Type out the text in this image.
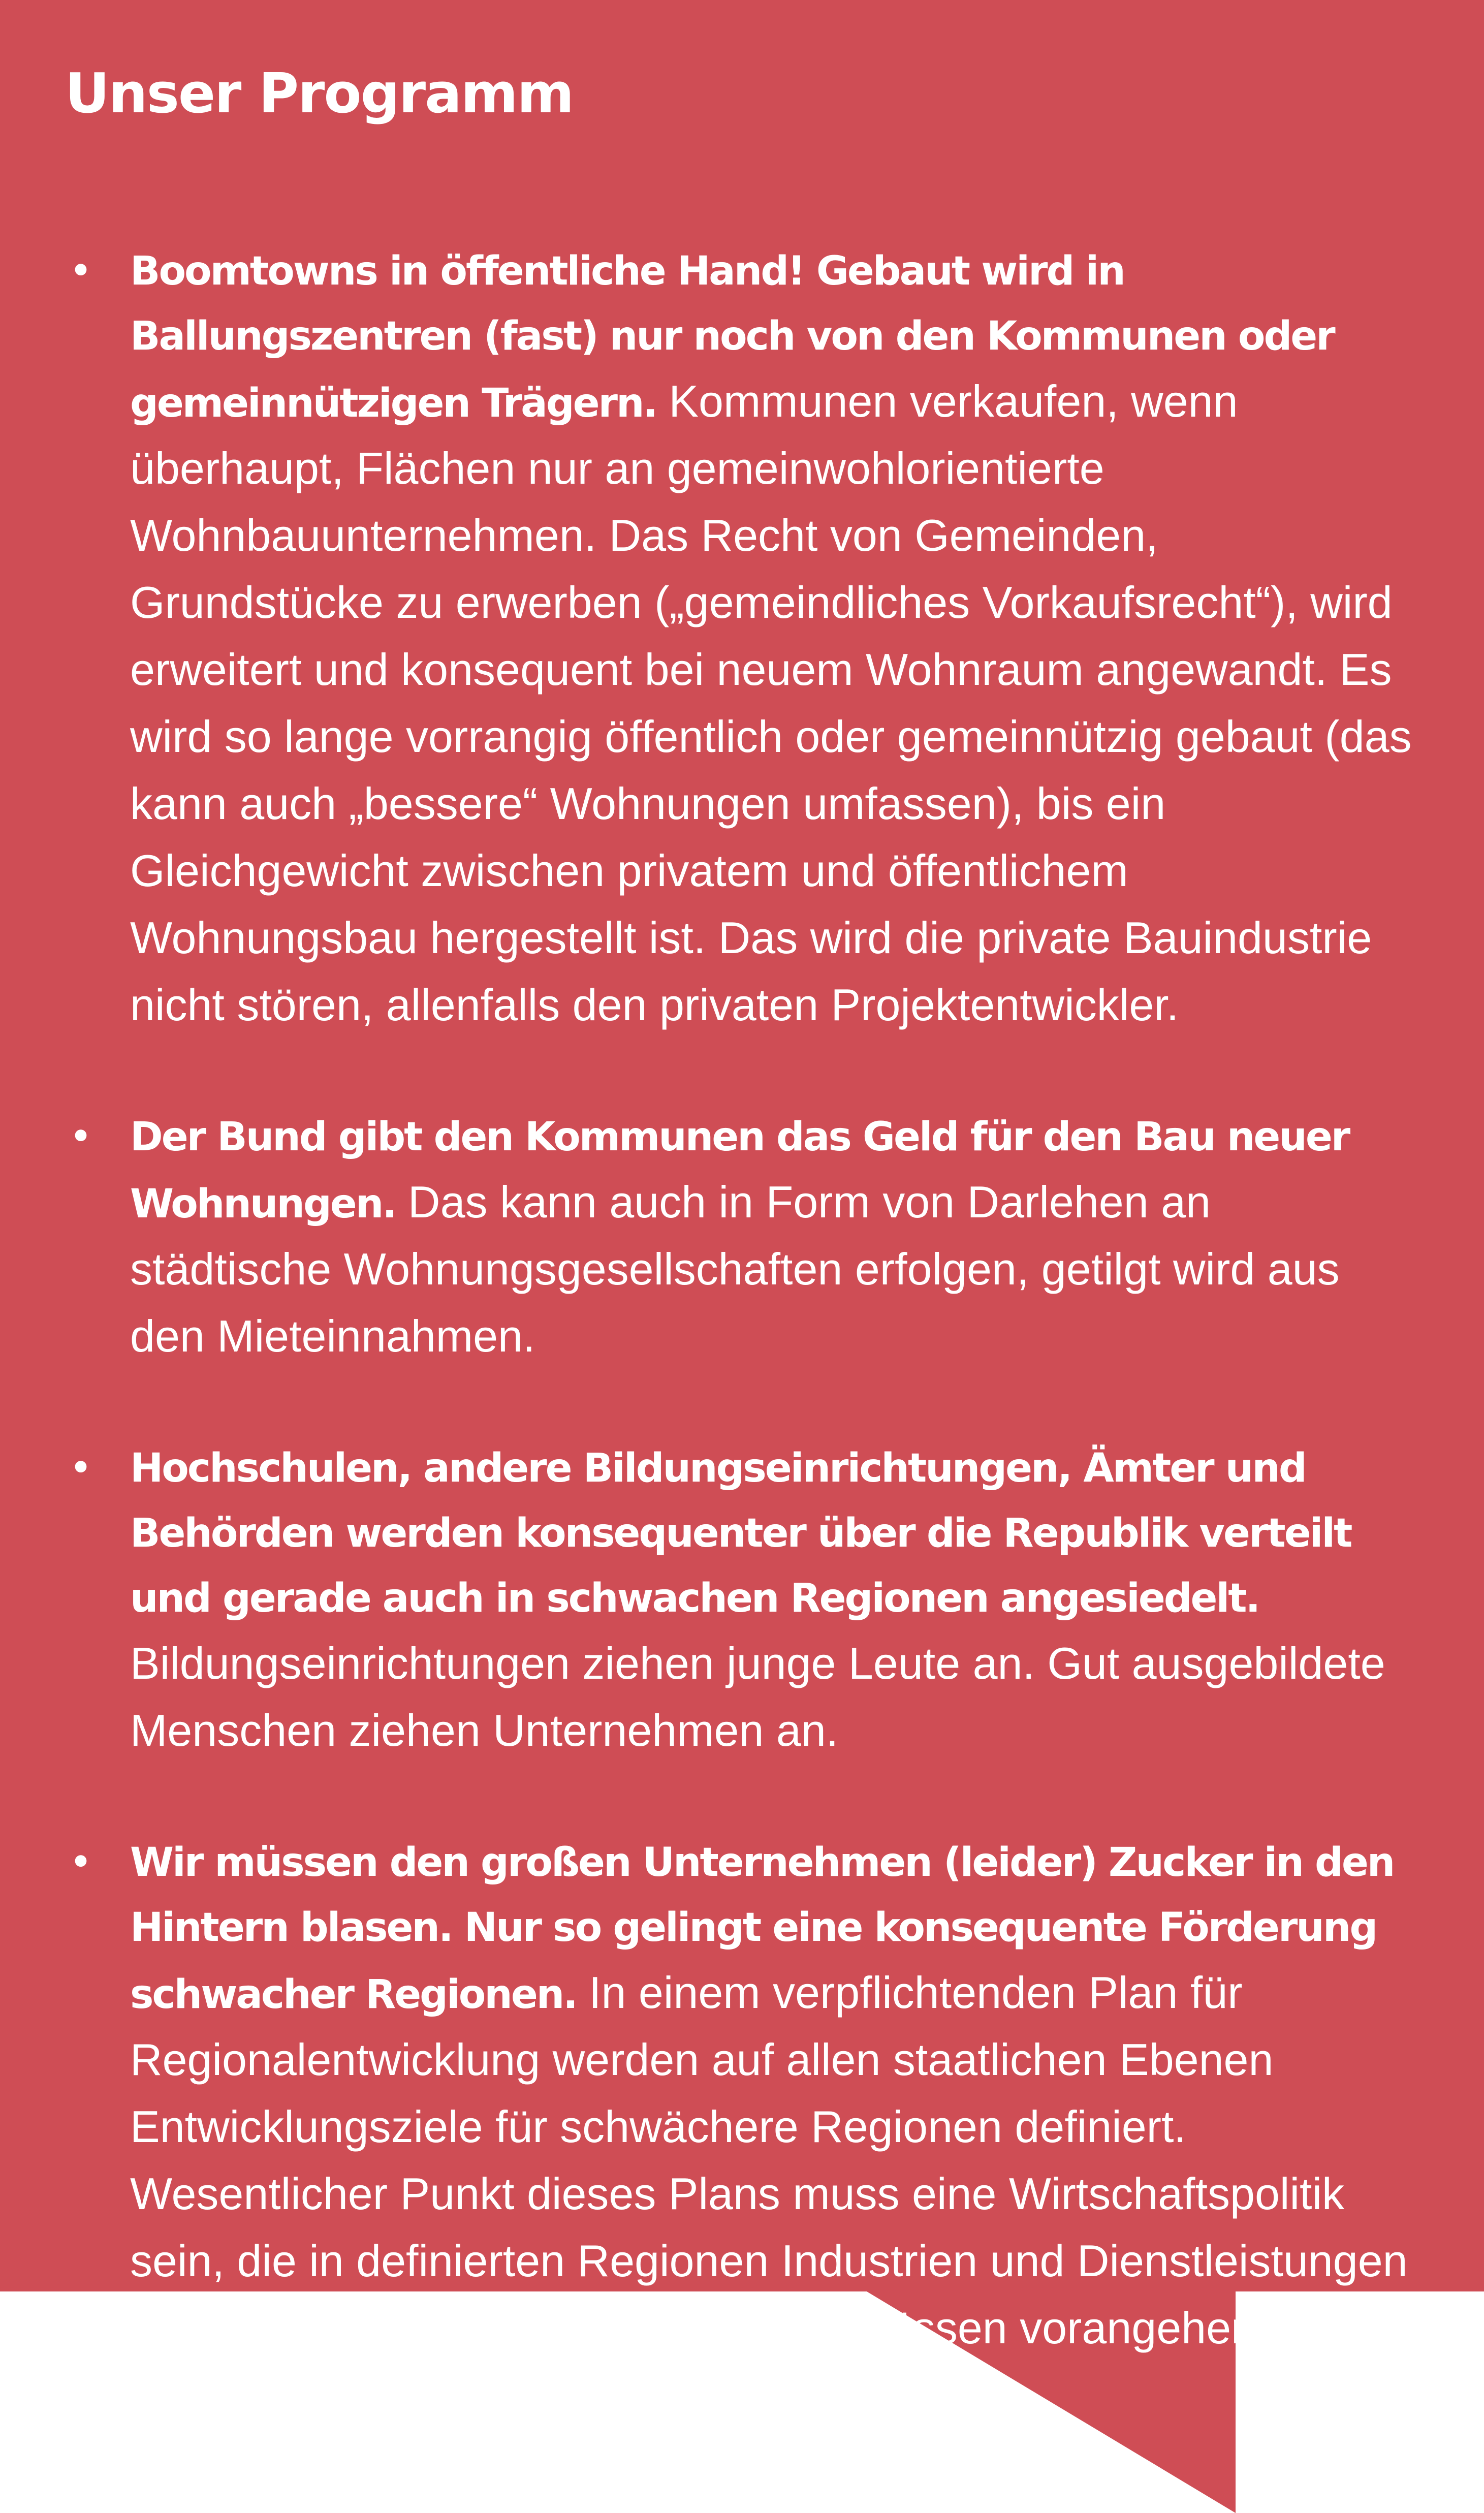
Unser Programm
• Boomtowns in öffentliche Hand! Gebaut wird in Ballungszentren (fast) nur noch von den Kommunen oder gemeinnützigen Trägern. Kommunen verkaufen, wenn überhaupt, Flächen nur an gemeinwohlorientierte Wohnbauunternehmen. Das Recht von Gemeinden, Grundstücke zu erwerben („gemeindliches Vorkaufsrecht“), wird erweitert und konsequent bei neuem Wohnraum angewandt. Es wird so lange vorrangig öffentlich oder gemeinnützig gebaut (das kann auch „bessere“ Wohnungen umfassen), bis ein Gleichgewicht zwischen privatem und öffentlichem Wohnungsbau hergestellt ist. Das wird die private Bauindustrie nicht stören, allenfalls den privaten Projektentwickler.
• Der Bund gibt den Kommunen das Geld für den Bau neuer Wohnungen. Das kann auch in Form von Darlehen an städtische Wohnungsgesellschaften erfolgen, getilgt wird aus den Mieteinnahmen.
• Hochschulen, andere Bildungseinrichtungen, Ämter und Behörden werden konsequenter über die Republik verteilt und gerade auch in schwachen Regionen angesiedelt. Bildungseinrichtungen ziehen junge Leute an. Gut ausgebildete Menschen ziehen Unternehmen an.
• Wir müssen den großen Unternehmen (leider) Zucker in den Hintern blasen. Nur so gelingt eine konsequente Förderung schwacher Regionen. In einem verpflichtenden Plan für Regionalentwicklung werden auf allen staatlichen Ebenen Entwicklungsziele für schwächere Regionen definiert. Wesentlicher Punkt dieses Plans muss eine Wirtschaftspolitik sein, die in definierten Regionen Industrien und Dienstleistungen ansiedelt. Die großen Unternehmen müssen vorangehen und gelockt werden.
